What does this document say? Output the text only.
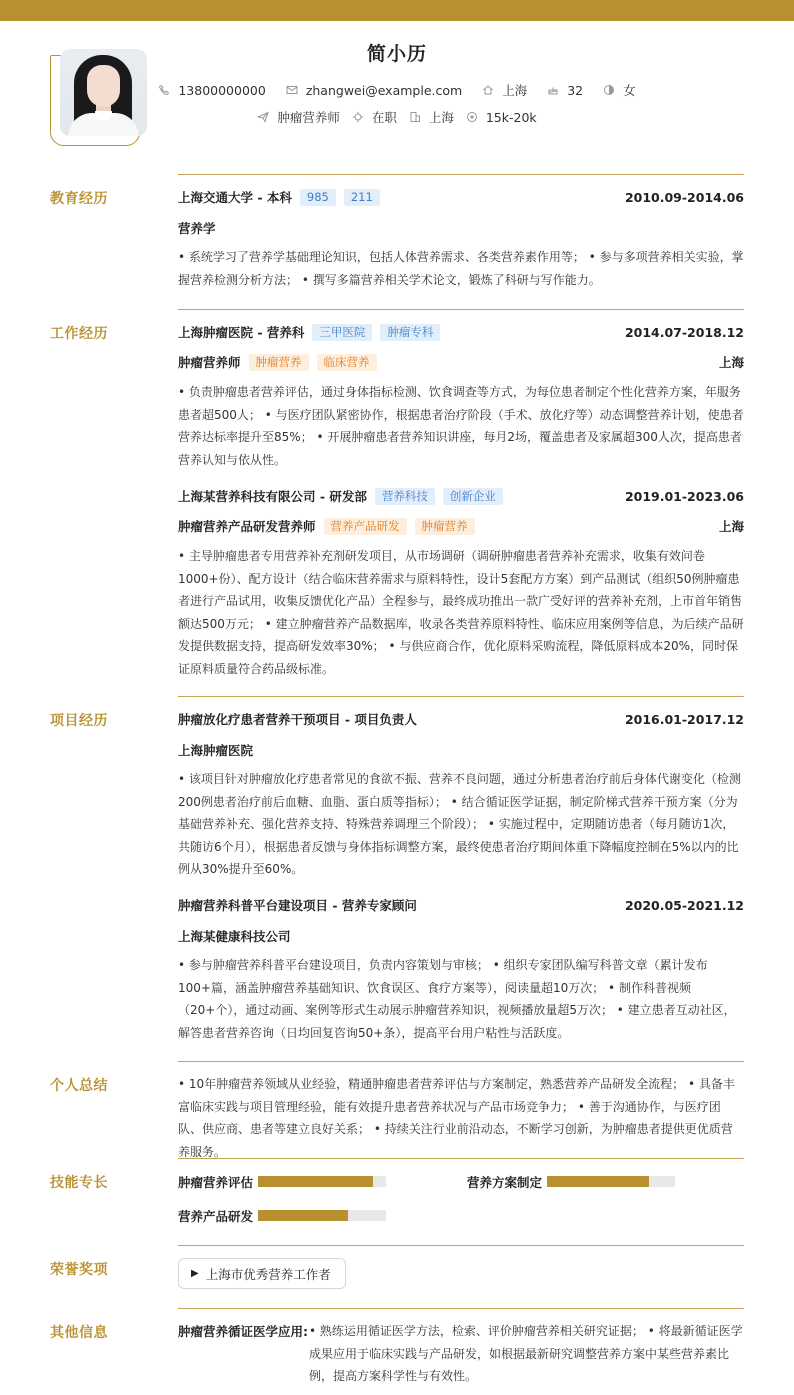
简小历
13800000000	zhangwei@example.com	上海	32	女
肿瘤营养师	在职	上海	15k-20k
教育经历	上海交通大学 - 本科	985	211	2010.09-2014.06
营养学
• 系统学习了营养学基础理论知识，包括人体营养需求、各类营养素作用等； • 参与多项营养相关实验，掌握营养检测分析方法； • 撰写多篇营养相关学术论文，锻炼了科研与写作能力。
工作经历	上海肿瘤医院 - 营养科	三甲医院	肿瘤专科	2014.07-2018.12
肿瘤营养师	肿瘤营养	临床营养	上海
• 负责肿瘤患者营养评估，通过身体指标检测、饮食调查等方式，为每位患者制定个性化营养方案，年服务患者超500人； • 与医疗团队紧密协作，根据患者治疗阶段（手术、放化疗等）动态调整营养计划，使患者营养达标率提升至85%； • 开展肿瘤患者营养知识讲座，每月2场，覆盖患者及家属超300人次，提高患者营养认知与依从性。
上海某营养科技有限公司 - 研发部	营养科技	创新企业	2019.01-2023.06
肿瘤营养产品研发营养师	营养产品研发	肿瘤营养	上海
• 主导肿瘤患者专用营养补充剂研发项目，从市场调研（调研肿瘤患者营养补充需求，收集有效问卷1000+份）、配方设计（结合临床营养需求与原料特性，设计5套配方方案）到产品测试（组织50例肿瘤患者进行产品试用，收集反馈优化产品）全程参与，最终成功推出一款广受好评的营养补充剂，上市首年销售额达500万元； • 建立肿瘤营养产品数据库，收录各类营养原料特性、临床应用案例等信息，为后续产品研发提供数据支持，提高研发效率30%； • 与供应商合作，优化原料采购流程，降低原料成本20%，同时保证原料质量符合药品级标准。
项目经历	肿瘤放化疗患者营养干预项目 - 项目负责人	2016.01-2017.12
上海肿瘤医院
• 该项目针对肿瘤放化疗患者常见的食欲不振、营养不良问题，通过分析患者治疗前后身体代谢变化（检测200例患者治疗前后血糖、血脂、蛋白质等指标）； • 结合循证医学证据，制定阶梯式营养干预方案（分为基础营养补充、强化营养支持、特殊营养调理三个阶段）； • 实施过程中，定期随访患者（每月随访1次，共随访6个月），根据患者反馈与身体指标调整方案，最终使患者治疗期间体重下降幅度控制在5%以内的比例从30%提升至60%。
肿瘤营养科普平台建设项目 - 营养专家顾问	2020.05-2021.12
上海某健康科技公司
• 参与肿瘤营养科普平台建设项目，负责内容策划与审核； • 组织专家团队编写科普文章（累计发布100+篇，涵盖肿瘤营养基础知识、饮食误区、食疗方案等），阅读量超10万次； • 制作科普视频（20+个），通过动画、案例等形式生动展示肿瘤营养知识，视频播放量超5万次； • 建立患者互动社区，解答患者营养咨询（日均回复咨询50+条），提高平台用户粘性与活跃度。
个人总结	• 10年肿瘤营养领域从业经验，精通肿瘤患者营养评估与方案制定，熟悉营养产品研发全流程； • 具备丰富临床实践与项目管理经验，能有效提升患者营养状况与产品市场竞争力； • 善于沟通协作，与医疗团队、供应商、患者等建立良好关系； • 持续关注行业前沿动态，不断学习创新，为肿瘤患者提供更优质营养服务。
技能专长	肿瘤营养评估	营养方案制定
营养产品研发
荣誉奖项	▶ 上海市优秀营养工作者
其他信息	肿瘤营养循证医学应用: • 熟练运用循证医学方法，检索、评价肿瘤营养相关研究证据； • 将最新循证医学成果应用于临床实践与产品研发，如根据最新研究调整营养方案中某些营养素比例，提高方案科学性与有效性。
